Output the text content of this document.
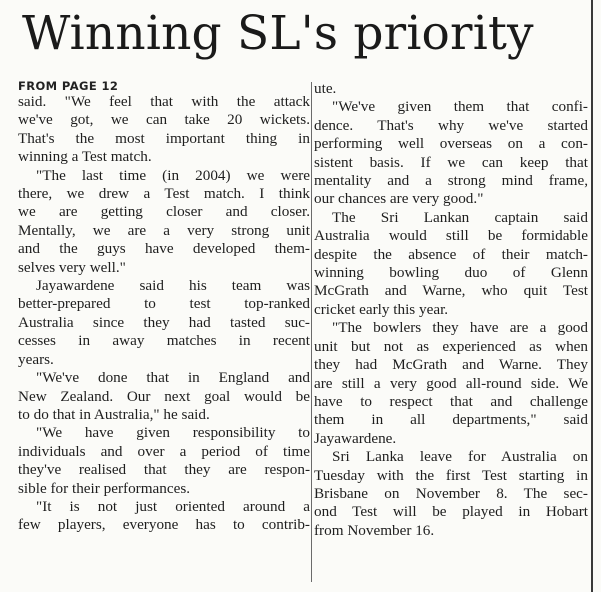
Winning SL's priority

FROM PAGE 12

said. "We feel that with the attack
we've got, we can take 20 wickets.
That's the most important thing in
winning a Test match.
"The last time (in 2004) we were
there, we drew a Test match. I think
we are getting closer and closer.
Mentally, we are a very strong unit
and the guys have developed them-
selves very well."
Jayawardene said his team was
better-prepared to test top-ranked
Australia since they had tasted suc-
cesses in away matches in recent
years.
"We've done that in England and
New Zealand. Our next goal would be
to do that in Australia," he said.
"We have given responsibility to
individuals and over a period of time
they've realised that they are respon-
sible for their performances.
"It is not just oriented around a
few players, everyone has to contrib-
ute.
"We've given them that confi-
dence. That's why we've started
performing well overseas on a con-
sistent basis. If we can keep that
mentality and a strong mind frame,
our chances are very good."
The Sri Lankan captain said
Australia would still be formidable
despite the absence of their match-
winning bowling duo of Glenn
McGrath and Warne, who quit Test
cricket early this year.
"The bowlers they have are a good
unit but not as experienced as when
they had McGrath and Warne. They
are still a very good all-round side. We
have to respect that and challenge
them in all departments," said
Jayawardene.
Sri Lanka leave for Australia on
Tuesday with the first Test starting in
Brisbane on November 8. The sec-
ond Test will be played in Hobart
from November 16.
